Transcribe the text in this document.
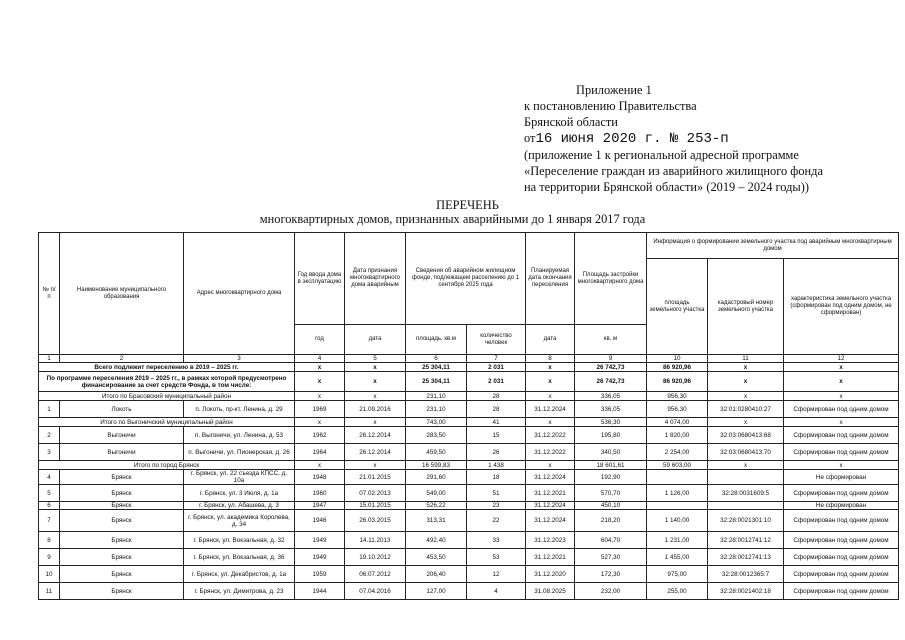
Приложение 1
к постановлению Правительства
Брянской области
от16 июня 2020 г. № 253-п
(приложение 1 к региональной адресной программе
«Переселение граждан из аварийного жилищного фонда
на территории Брянской области» (2019 – 2024 годы))
ПЕРЕЧЕНЬ
многоквартирных домов, признанных аварийными до 1 января 2017 года
№ п/п	Наименование муниципального образования	Адрес многоквартирного дома	Год ввода дома в эксплуатацию	Дата признания многоквартирного дома аварийным	Сведения об аварийном жилищном фонде, подлежащем расселению до 1 сентября 2025 года		Планируемая дата окончания переселения	Площадь застройки многоквартирного дома	Информация о формировании земельного участка под аварийным многоквартирным домом		
									площадь земельного участка	кадастровый номер земельного участка	характеристика земельного участка (сформирован под одним домом, не сформирован)
			год	дата	площадь, кв.м	количество человек	дата	кв. м			
1	2	3	4	5	6	7	8	9	10	11	12
Всего подлежит переселению в 2019 – 2025 гг.			x	x	25 304,11	2 031	x	26 742,73	86 920,96	x	x
По программе переселения 2019 – 2025 гг., в рамках которой предусмотрено финансирование за счет средств Фонда, в том числе:			x	x	25 304,11	2 031	x	26 742,73	86 920,96	x	x
Итого по Брасовский муниципальный район			x	x	231,10	28	x	336,05	956,30	x	x
1	Локоть	п. Локоть, пр-кт. Ленина, д. 29	1969	21.09.2016	231,10	28	31.12.2024	336,05	956,30	32:01:0280410:27	Сформирован под одним домом
Итого по Выгоничский муниципальный район			x	x	743,00	41	x	536,30	4 074,00	x	x
2	Выгоничи	п. Выгоничи, ул. Ленина, д. 53	1962	26.12.2014	283,50	15	31.12.2022	195,80	1 820,00	32:03:0680413:68	Сформирован под одним домом
3	Выгоничи	п. Выгоничи, ул. Пионерская, д. 26	1964	26.12.2014	459,50	26	31.12.2022	340,50	2 254,00	32:03:0680413:70	Сформирован под одним домом
Итого по город Брянск			x	x	16 599,83	1 438	x	18 601,61	59 603,00	x	x
4	Брянск	г. Брянск, ул. 22 съезда КПСС, д. 10а	1948	21.01.2015	291,60	18	31.12.2024	192,90			Не сформирован
5	Брянск	г. Брянск, ул. 3 Июля, д. 1а	1960	07.02.2013	549,00	51	31.12.2021	570,70	1 126,00	32:28:0031609:5	Сформирован под одним домом
6	Брянск	г. Брянск, ул. Абашева, д. 3	1947	15.01.2015	526,22	23	31.12.2024	450,10			Не сформирован
7	Брянск	г. Брянск, ул. академика Королева, д. 34	1946	26.03.2015	313,31	22	31.12.2024	218,20	1 140,00	32:28:0021301:10	Сформирован под одним домом
8	Брянск	г. Брянск, ул. Вокзальная, д. 32	1949	14.11.2013	492,40	33	31.12.2023	604,70	1 231,00	32:28:0012741:12	Сформирован под одним домом
9	Брянск	г. Брянск, ул. Вокзальная, д. 36	1949	19.10.2012	453,50	53	31.12.2021	527,30	1 455,00	32:28:0012741:13	Сформирован под одним домом
10	Брянск	г. Брянск, ул. Декабристов, д. 1а	1959	06.07.2012	206,40	12	31.12.2020	172,30	975,00	32:28:0012365:7	Сформирован под одним домом
11	Брянск	г. Брянск, ул. Димитрова, д. 23	1944	07.04.2016	127,00	4	31.08.2025	232,00	255,00	32:28:0021402:18	Сформирован под одним домом
